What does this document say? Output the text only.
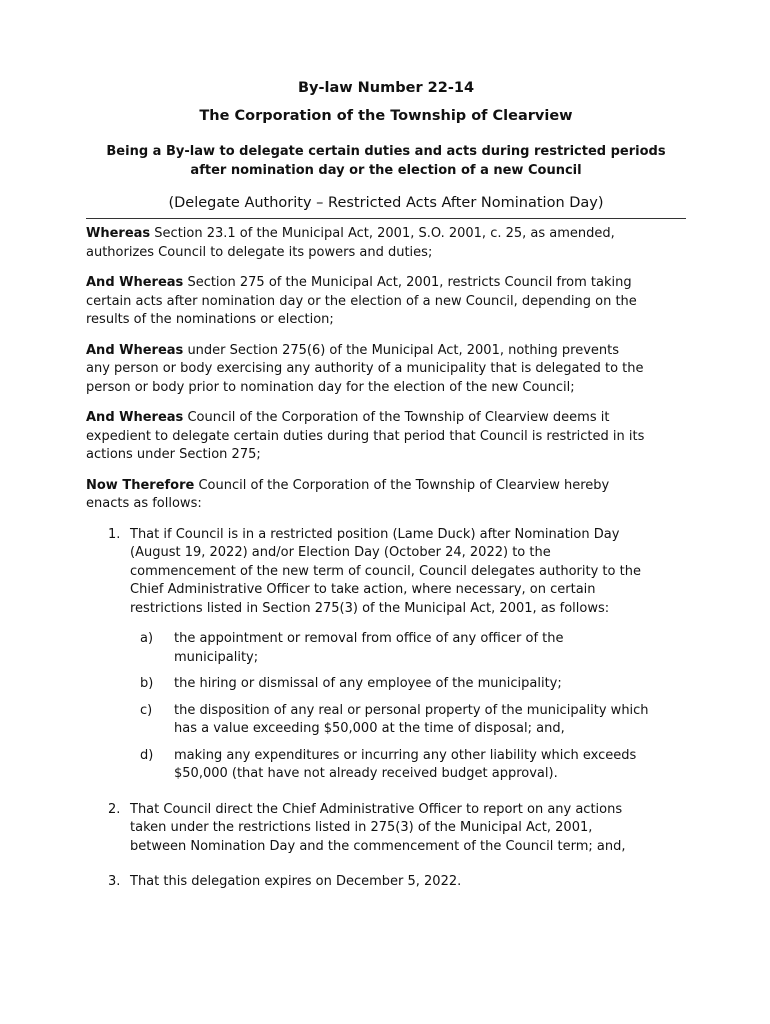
By-law Number 22-14
The Corporation of the Township of Clearview
Being a By-law to delegate certain duties and acts during restricted periods
after nomination day or the election of a new Council
(Delegate Authority – Restricted Acts After Nomination Day)

Whereas Section 23.1 of the Municipal Act, 2001, S.O. 2001, c. 25, as amended,
authorizes Council to delegate its powers and duties;

And Whereas Section 275 of the Municipal Act, 2001, restricts Council from taking
certain acts after nomination day or the election of a new Council, depending on the
results of the nominations or election;

And Whereas under Section 275(6) of the Municipal Act, 2001, nothing prevents
any person or body exercising any authority of a municipality that is delegated to the
person or body prior to nomination day for the election of the new Council;

And Whereas Council of the Corporation of the Township of Clearview deems it
expedient to delegate certain duties during that period that Council is restricted in its
actions under Section 275;

Now Therefore Council of the Corporation of the Township of Clearview hereby
enacts as follows:

1. That if Council is in a restricted position (Lame Duck) after Nomination Day
(August 19, 2022) and/or Election Day (October 24, 2022) to the
commencement of the new term of council, Council delegates authority to the
Chief Administrative Officer to take action, where necessary, on certain
restrictions listed in Section 275(3) of the Municipal Act, 2001, as follows:
a) the appointment or removal from office of any officer of the
municipality;
b) the hiring or dismissal of any employee of the municipality;
c) the disposition of any real or personal property of the municipality which
has a value exceeding $50,000 at the time of disposal; and,
d) making any expenditures or incurring any other liability which exceeds
$50,000 (that have not already received budget approval).
2. That Council direct the Chief Administrative Officer to report on any actions
taken under the restrictions listed in 275(3) of the Municipal Act, 2001,
between Nomination Day and the commencement of the Council term; and,
3. That this delegation expires on December 5, 2022.
